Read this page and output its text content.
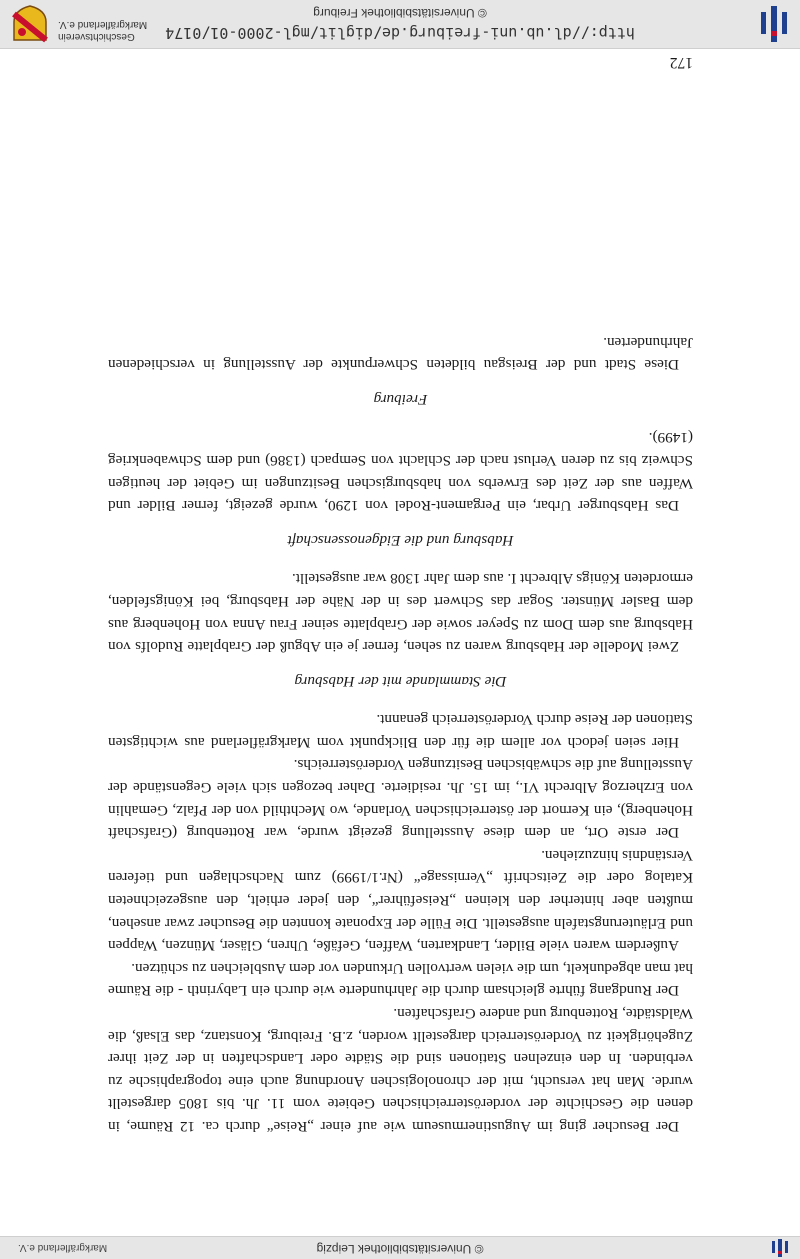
© Universitätsbibliothek Leipzig
Markgräflerland e.V.

Der Besucher ging im Augustinermuseum wie auf einer „Reise“ durch ca. 12 Räume, in denen die Geschichte der vorderösterreichischen Gebiete vom 11. Jh. bis 1805 dargestellt wurde. Man hat versucht, mit der chronologischen Anordnung auch eine topographische zu verbinden. In den einzelnen Stationen sind die Städte oder Landschaften in der Zeit ihrer Zugehörigkeit zu Vorderösterreich dargestellt worden, z.B. Freiburg, Konstanz, das Elsaß, die Waldstädte, Rottenburg und andere Grafschaften.

Der Rundgang führte gleichsam durch die Jahrhunderte wie durch ein Labyrinth - die Räume hat man abgedunkelt, um die vielen wertvollen Urkunden vor dem Ausbleichen zu schützen.

Außerdem waren viele Bilder, Landkarten, Waffen, Gefäße, Uhren, Gläser, Münzen, Wappen und Erläuterungstafeln ausgestellt. Die Fülle der Exponate konnten die Besucher zwar ansehen, mußten aber hinterher den kleinen „Reiseführer“, den jeder erhielt, den ausgezeichneten Katalog oder die Zeitschrift „Vernissage“ (Nr.1/1999) zum Nachschlagen und tieferen Verständnis hinzuziehen.

Der erste Ort, an dem diese Ausstellung gezeigt wurde, war Rottenburg (Grafschaft Hohenberg), ein Kernort der österreichischen Vorlande, wo Mechthild von der Pfalz, Gemahlin von Erzherzog Albrecht VI., im 15. Jh. residierte. Daher bezogen sich viele Gegenstände der Ausstellung auf die schwäbischen Besitzungen Vorderösterreichs.

Hier seien jedoch vor allem die für den Blickpunkt vom Markgräflerland aus wichtigsten Stationen der Reise durch Vorderösterreich genannt.

Die Stammlande mit der Habsburg

Zwei Modelle der Habsburg waren zu sehen, ferner je ein Abguß der Grabplatte Rudolfs von Habsburg aus dem Dom zu Speyer sowie der Grabplatte seiner Frau Anna von Hohenberg aus dem Basler Münster. Sogar das Schwert des in der Nähe der Habsburg, bei Königsfelden, ermordeten Königs Albrecht I. aus dem Jahr 1308 war ausgestellt.

Habsburg und die Eidgenossenschaft

Das Habsburger Urbar, ein Pergament-Rodel von 1290, wurde gezeigt, ferner Bilder und Waffen aus der Zeit des Erwerbs von habsburgischen Besitzungen im Gebiet der heutigen Schweiz bis zu deren Verlust nach der Schlacht von Sempach (1386) und dem Schwabenkrieg (1499).

Freiburg

Diese Stadt und der Breisgau bildeten Schwerpunkte der Ausstellung in verschiedenen Jahrhunderten.

172
http://dl.ub.uni-freiburg.de/diglit/mgl-2000-01/0174
© Universitätsbibliothek Freiburg
Geschichtsverein
Markgräflerland e.V.
